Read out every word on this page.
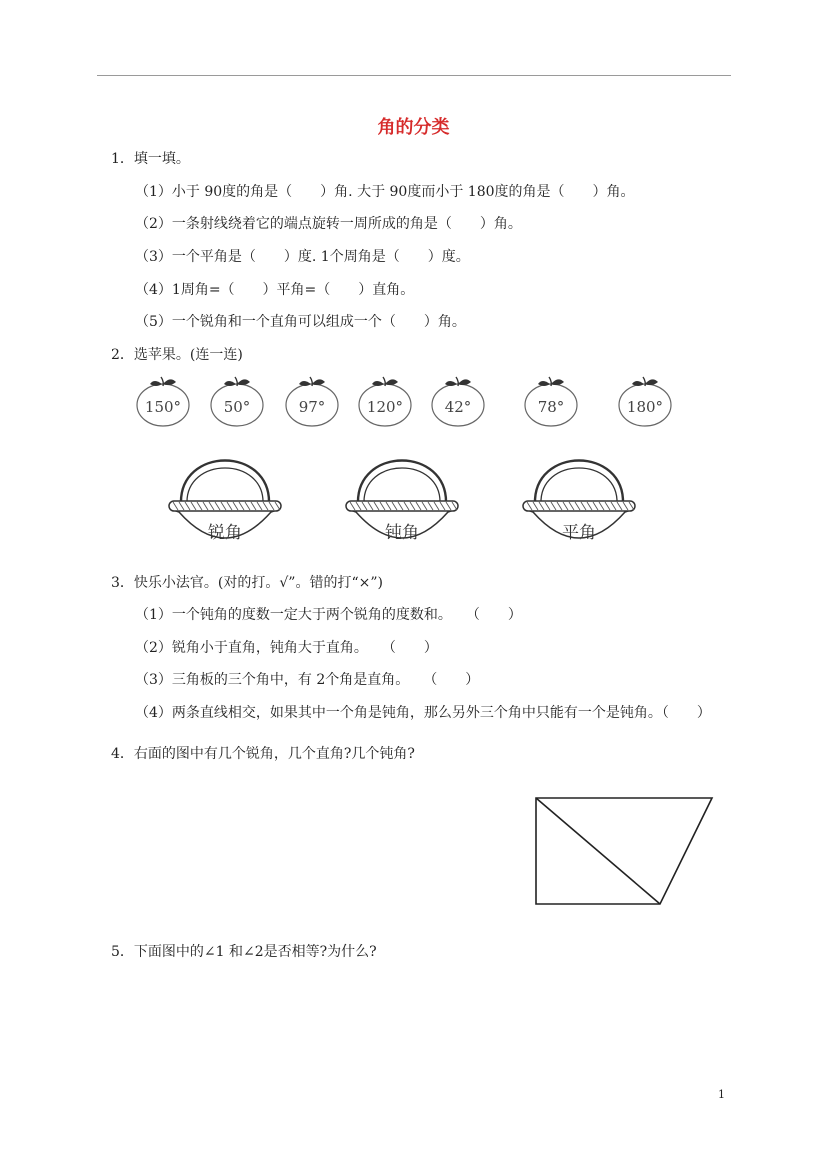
角的分类
1．填一填。
（1）小于 90度的角是（　　）角. 大于 90度而小于 180度的角是（　　）角。
（2）一条射线绕着它的端点旋转一周所成的角是（　　）角。
（3）一个平角是（　　）度. 1个周角是（　　）度。
（4）1周角=（　　）平角=（　　）直角。
（5）一个锐角和一个直角可以组成一个（　　）角。
2．选苹果。(连一连)
150°	50°	97°	120°	42°	78°	180°
锐角	钝角	平角
3．快乐小法官。(对的打。√”。错的打“×”)
（1）一个钝角的度数一定大于两个锐角的度数和。　　（　　）
（2）锐角小于直角，钝角大于直角。　　（　　）
（3）三角板的三个角中，有 2个角是直角。　　（　　）
（4）两条直线相交，如果其中一个角是钝角，那么另外三个角中只能有一个是钝角。（　　）
4．右面的图中有几个锐角，几个直角?几个钝角?
5．下面图中的∠1 和∠2是否相等?为什么?
1
